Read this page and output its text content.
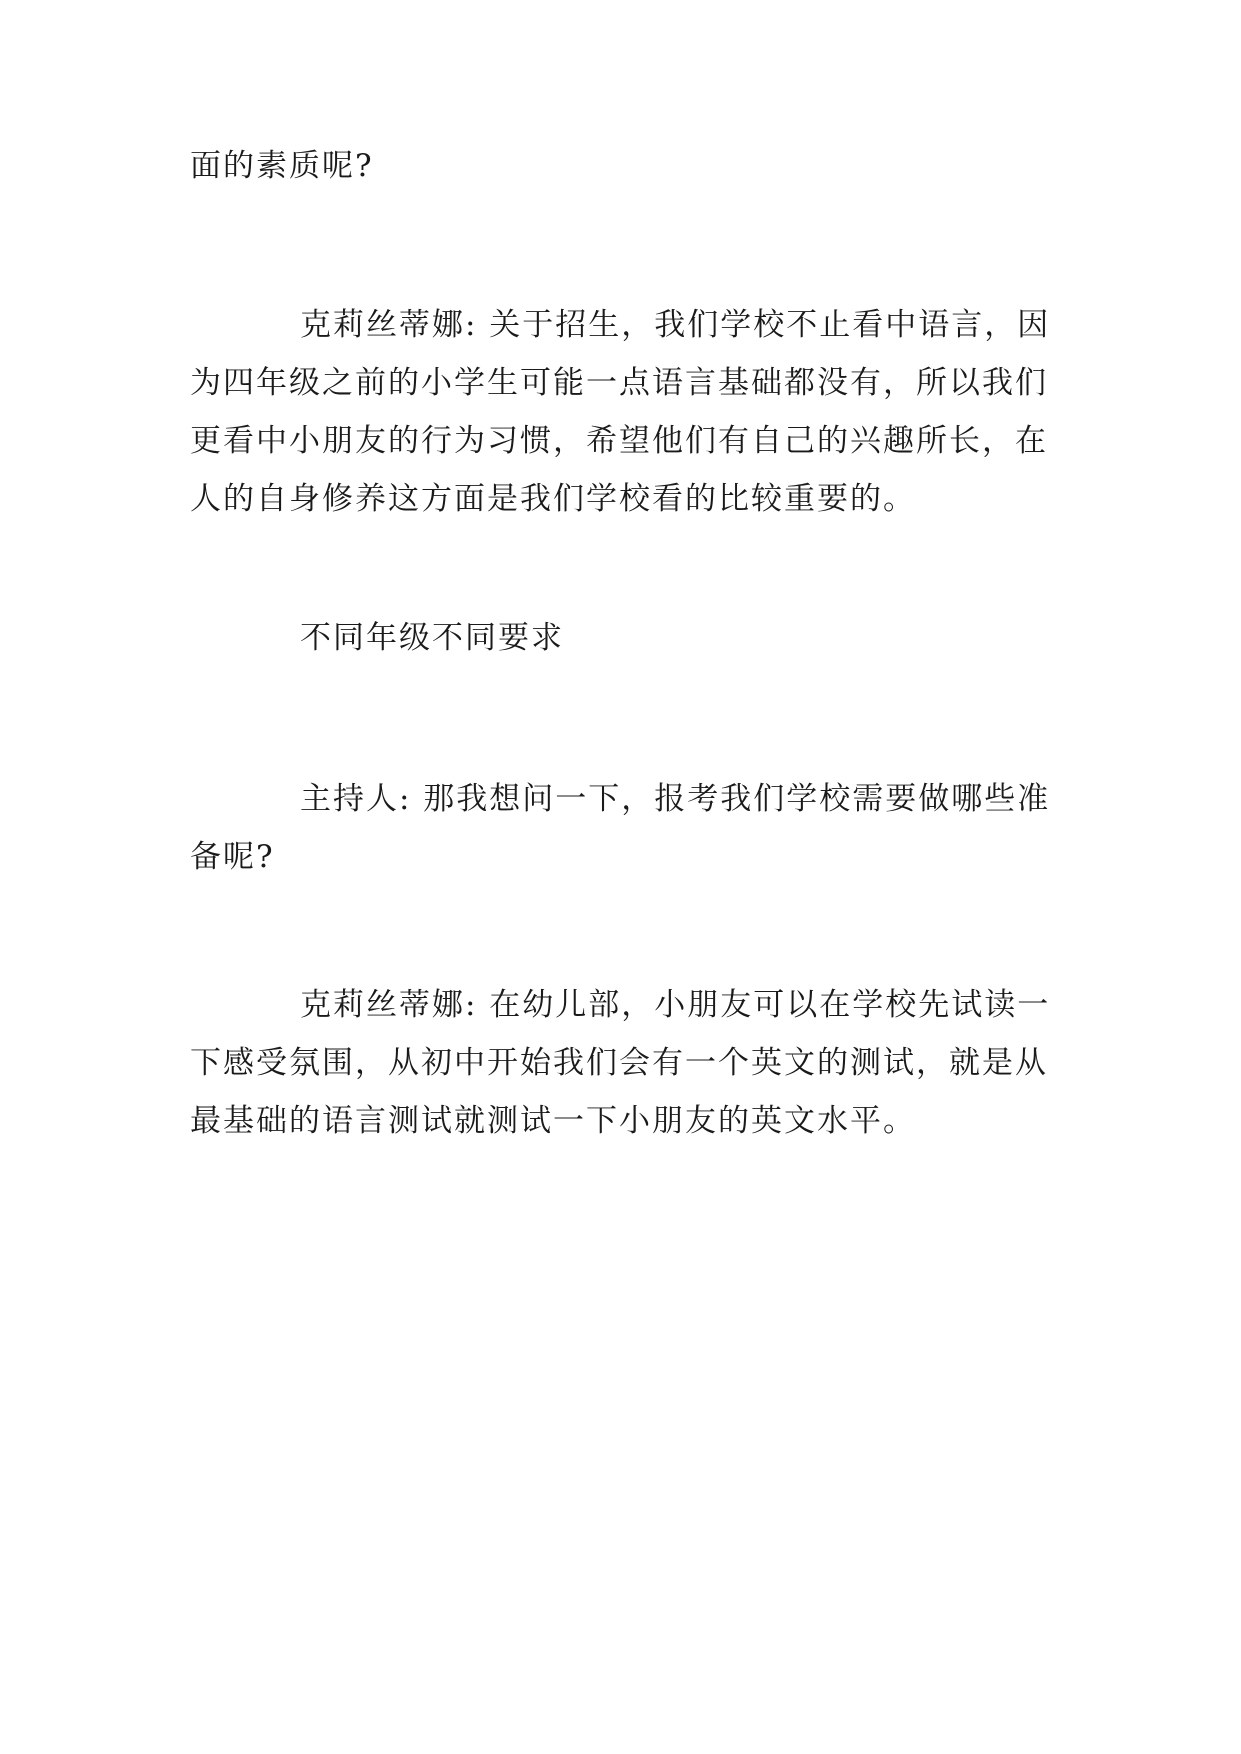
面的素质呢?

克莉丝蒂娜: 关于招生，我们学校不止看中语言，因
为四年级之前的小学生可能一点语言基础都没有，所以我们
更看中小朋友的行为习惯，希望他们有自己的兴趣所长，在
人的自身修养这方面是我们学校看的比较重要的。

不同年级不同要求

主持人: 那我想问一下，报考我们学校需要做哪些准
备呢?

克莉丝蒂娜: 在幼儿部，小朋友可以在学校先试读一
下感受氛围，从初中开始我们会有一个英文的测试，就是从
最基础的语言测试就测试一下小朋友的英文水平。
